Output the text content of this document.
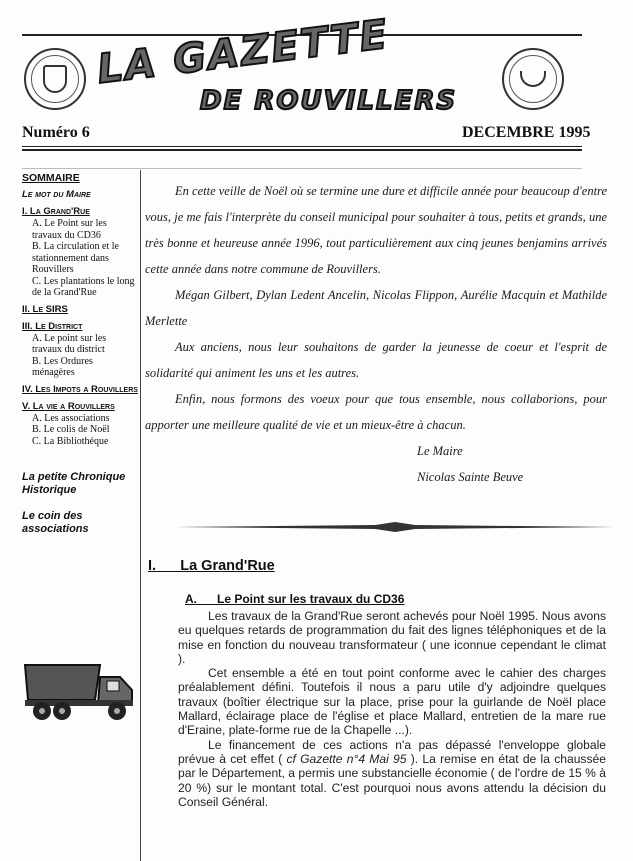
LA GAZETTE
DE ROUVILLERS
Numéro 6	DECEMBRE 1995
SOMMAIRE
Le mot du Maire
I. La Grand'Rue
A. Le Point sur les travaux du CD36
B. La circulation et le stationnement dans Rouvillers
C. Les plantations le long de la Grand'Rue
II. Le SIRS
III. Le District
A. Le point sur les travaux du district
B. Les Ordures ménagères
IV. Les Impots a Rouvillers
V. La vie a Rouvillers
A. Les associations
B. Le colis de Noël
C. La Bibliothéque
La petite Chronique Historique
Le coin des associations

En cette veille de Noël où se termine une dure et difficile année pour beaucoup d'entre vous, je me fais l'interprète du conseil municipal pour souhaiter à tous, petits et grands, une très bonne et heureuse année 1996, tout particulièrement aux cinq jeunes benjamins arrivés cette année dans notre commune de Rouvillers.

Mégan Gilbert, Dylan Ledent Ancelin, Nicolas Flippon, Aurélie Macquin et Mathilde Merlette

Aux anciens, nous leur souhaitons de garder la jeunesse de coeur et l'esprit de solidarité qui animent les uns et les autres.

Enfin, nous formons des voeux pour que tous ensemble, nous collaborions, pour apporter une meilleure qualité de vie et un mieux-être à chacun.

Le Maire

Nicolas Sainte Beuve

I.      La Grand'Rue
A.      Le Point sur les travaux du CD36

Les travaux de la Grand'Rue seront achevés pour Noël 1995. Nous avons eu quelques retards de programmation du fait des lignes téléphoniques et de la mise en fonction du nouveau transformateur ( une iconnue cependant le climat ).

Cet ensemble a été en tout point conforme avec le cahier des charges préalablement défini. Toutefois il nous a paru utile d'y adjoindre quelques travaux (boîtier électrique sur la place, prise pour la guirlande de Noël place Mallard, éclairage place de l'église et place Mallard, entretien de la mare rue d'Eraine, plate-forme rue de la Chapelle ...).

Le financement de ces actions n'a pas dépassé l'enveloppe globale prévue à cet effet ( cf Gazette n°4 Mai 95 ). La remise en état de la chaussée par le Département, a permis une substancielle économie ( de l'ordre de 15 % à 20 %) sur le montant total. C'est pourquoi nous avons attendu la décision du Conseil Général.
